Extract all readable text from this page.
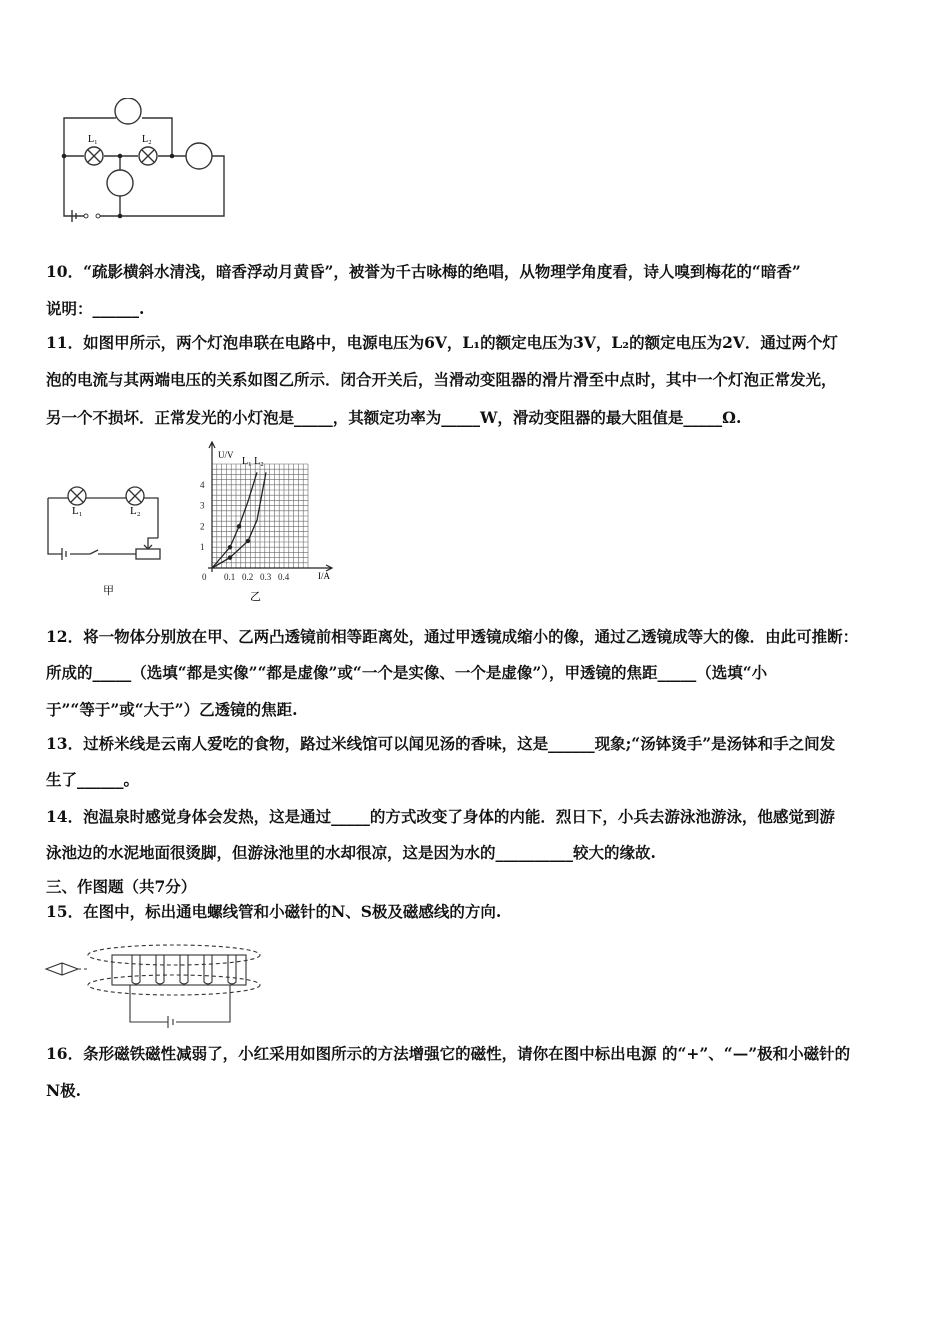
L₁	L₂
10．“疏影横斜水清浅，暗香浮动月黄昏”，被誉为千古咏梅的绝唱，从物理学角度看，诗人嗅到梅花的“暗香”
说明：______.
11．如图甲所示，两个灯泡串联在电路中，电源电压为6V，L₁的额定电压为3V，L₂的额定电压为2V．通过两个灯
泡的电流与其两端电压的关系如图乙所示．闭合开关后，当滑动变阻器的滑片滑至中点时，其中一个灯泡正常发光，
另一个不损坏．正常发光的小灯泡是_____，其额定功率为_____W，滑动变阻器的最大阻值是_____Ω.
L₁	L₂
甲
4
3
2
1
0 0.1 0.2 0.3 0.4
U/V
L₁ L₂
I/A
乙
12．将一物体分别放在甲、乙两凸透镜前相等距离处，通过甲透镜成缩小的像，通过乙透镜成等大的像．由此可推断：
所成的_____（选填“都是实像”“都是虚像”或“一个是实像、一个是虚像”），甲透镜的焦距_____（选填“小
于”“等于”或“大于”）乙透镜的焦距.
13．过桥米线是云南人爱吃的食物，路过米线馆可以闻见汤的香味，这是______现象;“汤钵烫手”是汤钵和手之间发
生了______。
14．泡温泉时感觉身体会发热，这是通过_____的方式改变了身体的内能．烈日下，小兵去游泳池游泳，他感觉到游
泳池边的水泥地面很烫脚，但游泳池里的水却很凉，这是因为水的__________较大的缘故.
三、作图题（共7分）
15．在图中，标出通电螺线管和小磁针的N、S极及磁感线的方向.
16．条形磁铁磁性减弱了，小红采用如图所示的方法增强它的磁性，请你在图中标出电源 的“+”、“—”极和小磁针的
N极.
